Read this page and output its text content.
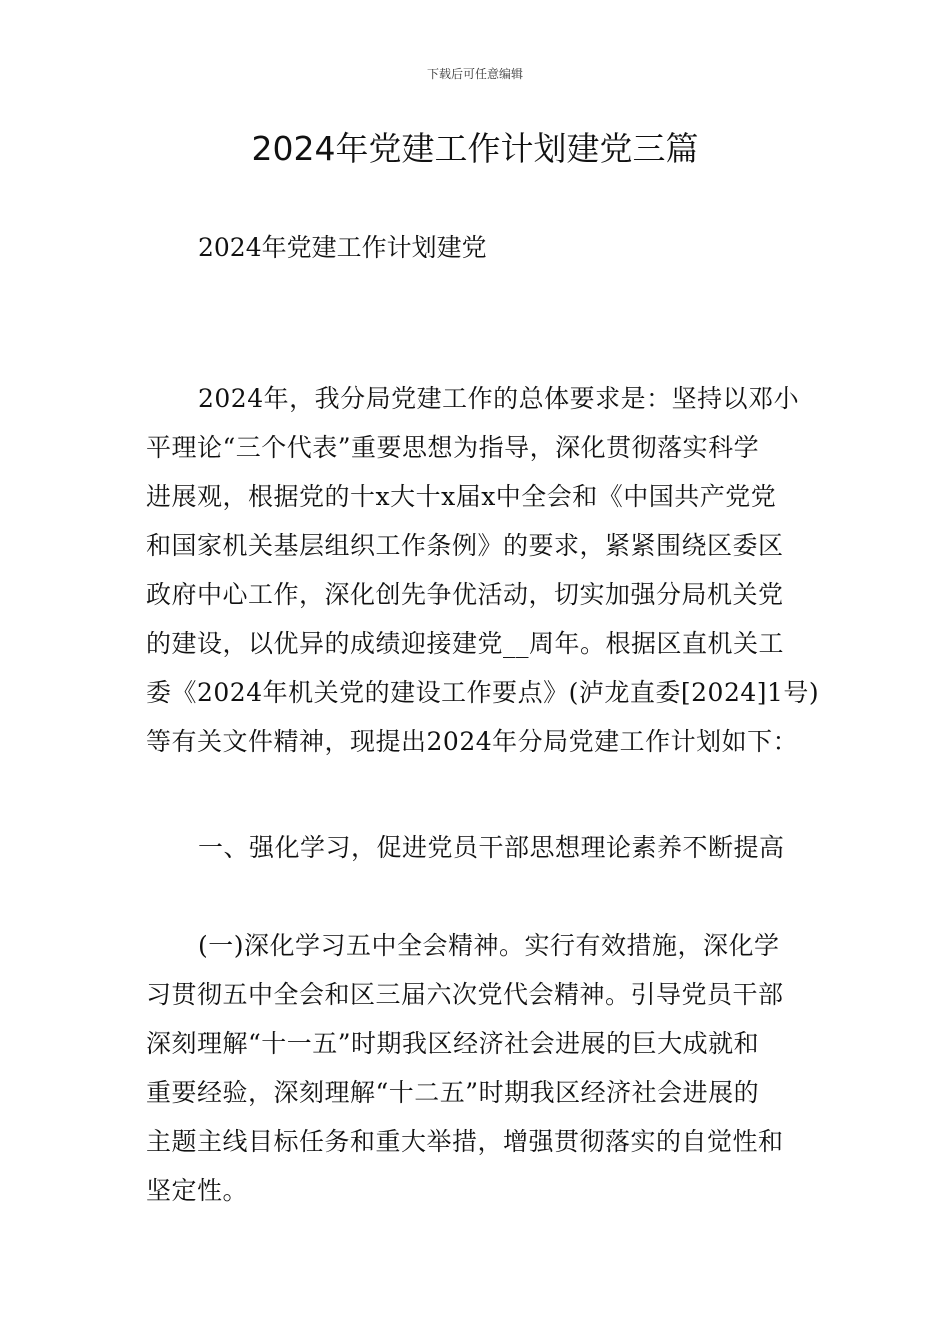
下载后可任意编辑
2024年党建工作计划建党三篇

2024年党建工作计划建党

2024年，我分局党建工作的总体要求是：坚持以邓小
平理论“三个代表”重要思想为指导，深化贯彻落实科学
进展观，根据党的十x大十x届x中全会和《中国共产党党
和国家机关基层组织工作条例》的要求，紧紧围绕区委区
政府中心工作，深化创先争优活动，切实加强分局机关党
的建设，以优异的成绩迎接建党__周年。根据区直机关工
委《2024年机关党的建设工作要点》(泸龙直委[2024]1号)
等有关文件精神，现提出2024年分局党建工作计划如下：

一、强化学习，促进党员干部思想理论素养不断提高

(一)深化学习五中全会精神。实行有效措施，深化学
习贯彻五中全会和区三届六次党代会精神。引导党员干部
深刻理解“十一五”时期我区经济社会进展的巨大成就和
重要经验，深刻理解“十二五”时期我区经济社会进展的
主题主线目标任务和重大举措，增强贯彻落实的自觉性和
坚定性。
